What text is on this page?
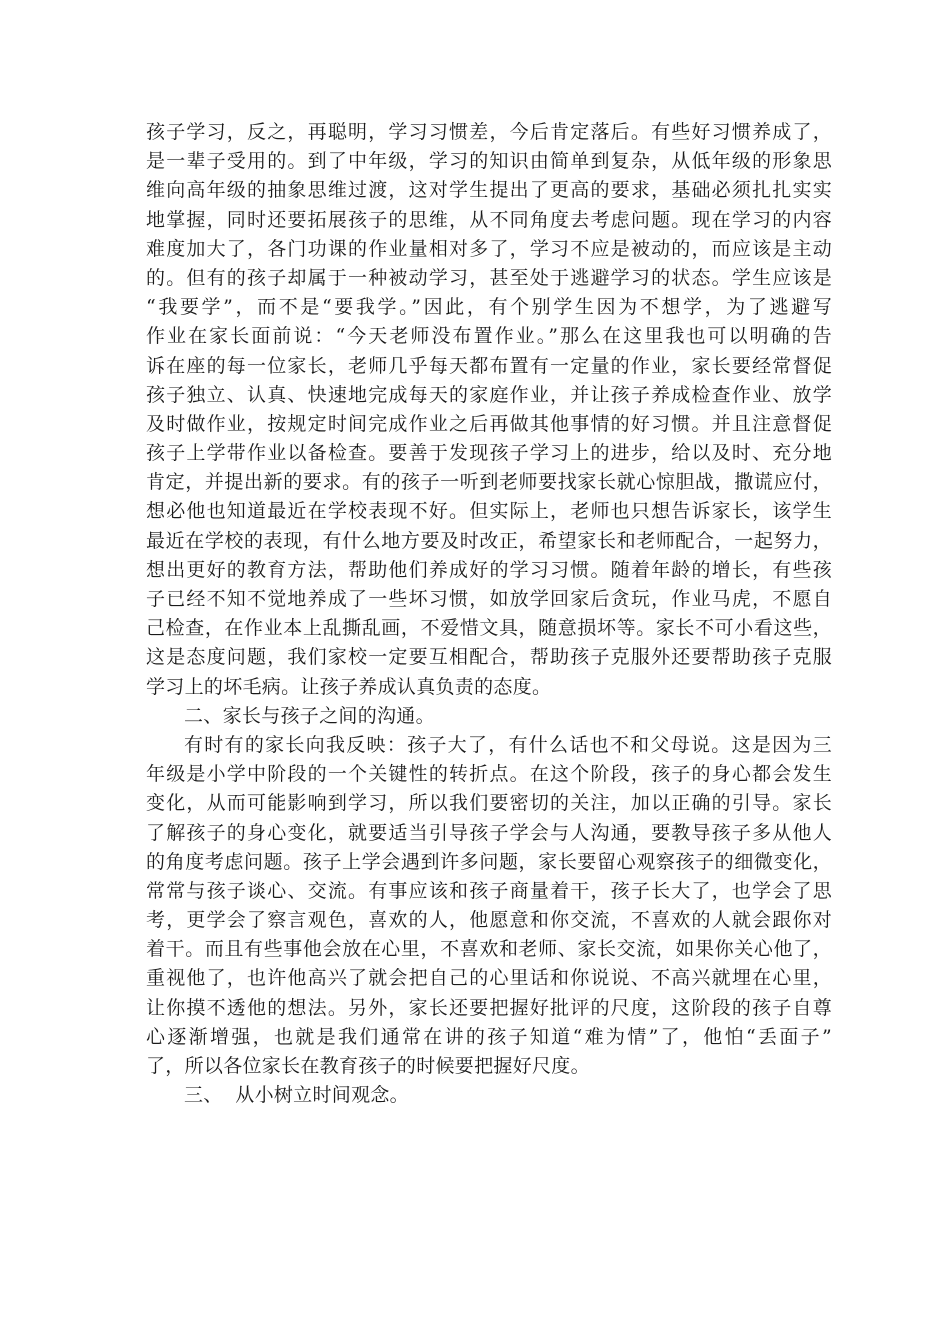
孩子学习，反之，再聪明，学习习惯差，今后肯定落后。有些好习惯养成了，
是一辈子受用的。到了中年级，学习的知识由简单到复杂，从低年级的形象思
维向高年级的抽象思维过渡，这对学生提出了更高的要求，基础必须扎扎实实
地掌握，同时还要拓展孩子的思维，从不同角度去考虑问题。现在学习的内容
难度加大了，各门功课的作业量相对多了，学习不应是被动的，而应该是主动
的。但有的孩子却属于一种被动学习，甚至处于逃避学习的状态。学生应该是
“我要学”，而不是“要我学。”因此，有个别学生因为不想学，为了逃避写
作业在家长面前说：“今天老师没布置作业。”那么在这里我也可以明确的告
诉在座的每一位家长，老师几乎每天都布置有一定量的作业，家长要经常督促
孩子独立、认真、快速地完成每天的家庭作业，并让孩子养成检查作业、放学
及时做作业，按规定时间完成作业之后再做其他事情的好习惯。并且注意督促
孩子上学带作业以备检查。要善于发现孩子学习上的进步，给以及时、充分地
肯定，并提出新的要求。有的孩子一听到老师要找家长就心惊胆战，撒谎应付，
想必他也知道最近在学校表现不好。但实际上，老师也只想告诉家长，该学生
最近在学校的表现，有什么地方要及时改正，希望家长和老师配合，一起努力，
想出更好的教育方法，帮助他们养成好的学习习惯。随着年龄的增长，有些孩
子已经不知不觉地养成了一些坏习惯，如放学回家后贪玩，作业马虎，不愿自
己检查，在作业本上乱撕乱画，不爱惜文具，随意损坏等。家长不可小看这些，
这是态度问题，我们家校一定要互相配合，帮助孩子克服外还要帮助孩子克服
学习上的坏毛病。让孩子养成认真负责的态度。
二、家长与孩子之间的沟通。
有时有的家长向我反映：孩子大了，有什么话也不和父母说。这是因为三
年级是小学中阶段的一个关键性的转折点。在这个阶段，孩子的身心都会发生
变化，从而可能影响到学习，所以我们要密切的关注，加以正确的引导。家长
了解孩子的身心变化，就要适当引导孩子学会与人沟通，要教导孩子多从他人
的角度考虑问题。孩子上学会遇到许多问题，家长要留心观察孩子的细微变化，
常常与孩子谈心、交流。有事应该和孩子商量着干，孩子长大了，也学会了思
考，更学会了察言观色，喜欢的人，他愿意和你交流，不喜欢的人就会跟你对
着干。而且有些事他会放在心里，不喜欢和老师、家长交流，如果你关心他了，
重视他了，也许他高兴了就会把自己的心里话和你说说、不高兴就埋在心里，
让你摸不透他的想法。另外，家长还要把握好批评的尺度，这阶段的孩子自尊
心逐渐增强，也就是我们通常在讲的孩子知道“难为情”了，他怕“丢面子”
了，所以各位家长在教育孩子的时候要把握好尺度。
三、  从小树立时间观念。
